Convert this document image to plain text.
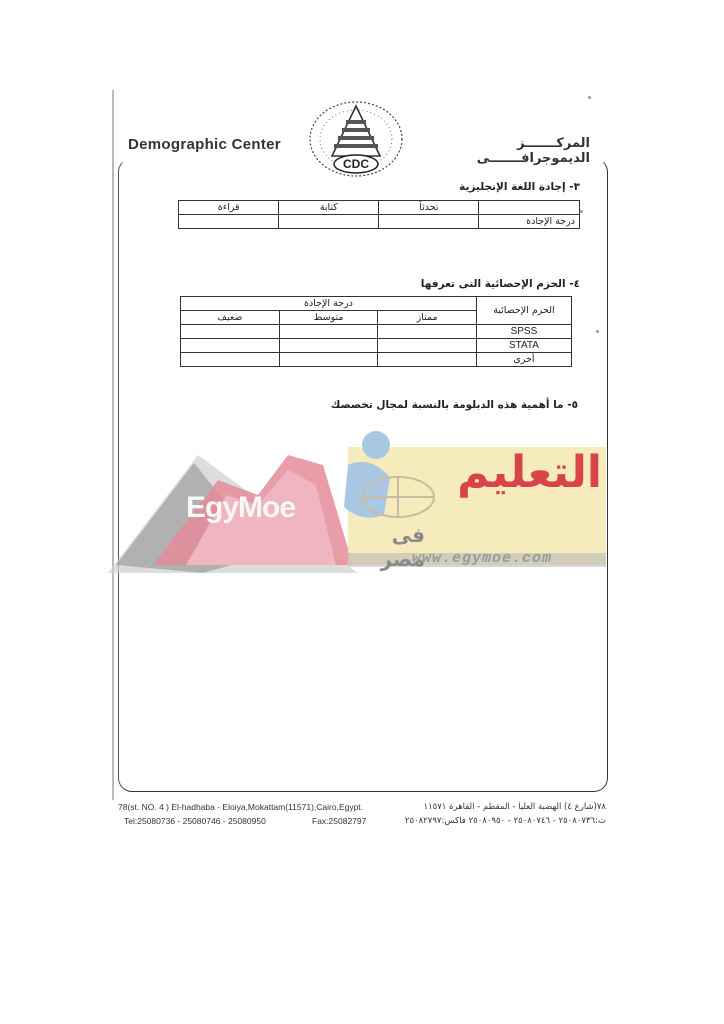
Demographic Center
CDC
المركـــــــز الديموجرافـــــــى
٣- إجادة اللغة الإنجليزية
	تحدثاً	كتابة	قراءة
درجة الإجادة			
٤- الحزم الإحصائية التى تعرفها
الحزم الإحصائية	درجة الإجادة		
	ممتاز	متوسط	ضعيف
SPSS			
STATA			
أخرى			
٥- ما أهمية هذه الدبلومة بالنسبة لمجال تخصصك
EgyMoe
التعليم
فى مصر
www.egymoe.com
78(st. NO. 4 ) El-hadhaba - Eloiya,Mokattam(11571),Cairo,Egypt.
Tel:25080736 - 25080746 - 25080950	Fax:25082797
٧٨(شارع ٤) الهضبة العليا - المقطم - القاهرة ١١٥٧١
ت:٢٥٠٨٠٧٣٦ - ٢٥٠٨٠٧٤٦ - ٢٥٠٨٠٩٥٠ فاكس:٢٥٠٨٢٧٩٧
